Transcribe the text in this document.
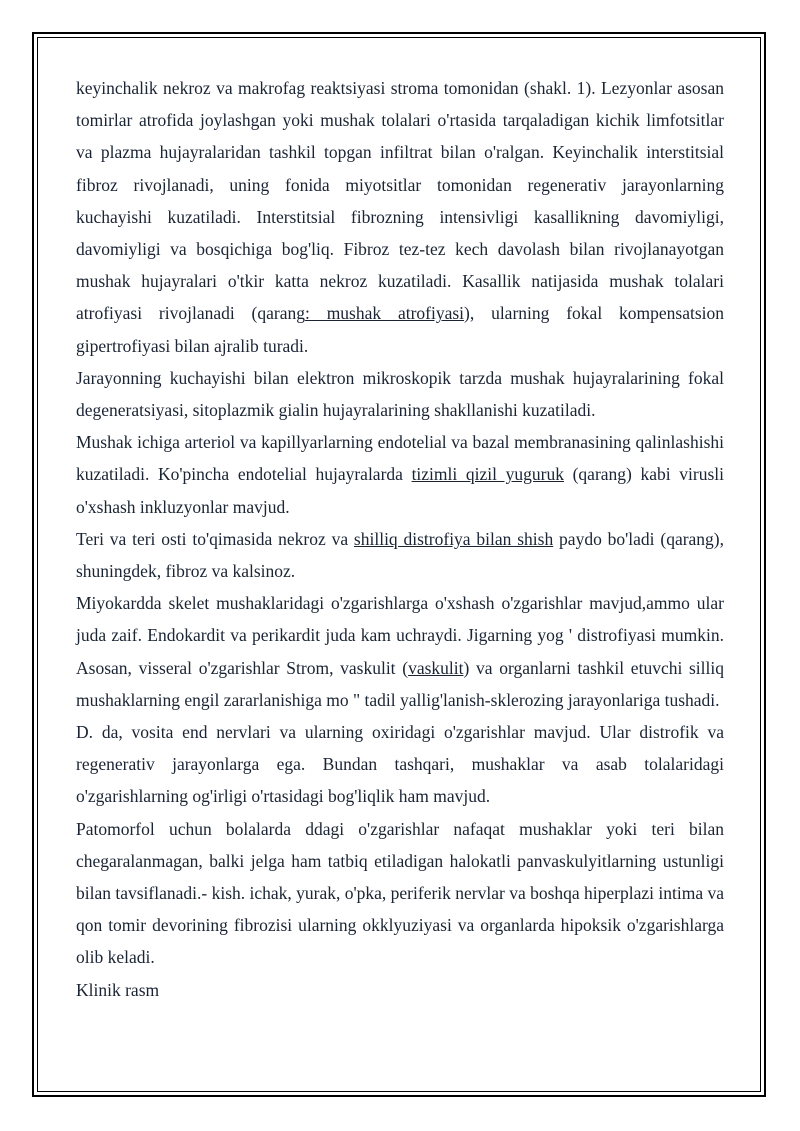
keyinchalik nekroz va makrofag reaktsiyasi stroma tomonidan (shakl. 1). Lezyonlar asosan tomirlar atrofida joylashgan yoki mushak tolalari o'rtasida tarqaladigan kichik limfotsitlar va plazma hujayralaridan tashkil topgan infiltrat bilan o'ralgan. Keyinchalik interstitsial fibroz rivojlanadi, uning fonida miyotsitlar tomonidan regenerativ jarayonlarning kuchayishi kuzatiladi. Interstitsial fibrozning intensivligi kasallikning davomiyligi, davomiyligi va bosqichiga bog'liq. Fibroz tez-tez kech davolash bilan rivojlanayotgan mushak hujayralari o'tkir katta nekroz kuzatiladi. Kasallik natijasida mushak tolalari atrofiyasi rivojlanadi (qarang: mushak atrofiyasi), ularning fokal kompensatsion gipertrofiyasi bilan ajralib turadi.

Jarayonning kuchayishi bilan elektron mikroskopik tarzda mushak hujayralarining fokal degeneratsiyasi, sitoplazmik gialin hujayralarining shakllanishi kuzatiladi.

Mushak ichiga arteriol va kapillyarlarning endotelial va bazal membranasining qalinlashishi kuzatiladi. Ko'pincha endotelial hujayralarda tizimli qizil yuguruk (qarang) kabi virusli o'xshash inkluzyonlar mavjud.

Teri va teri osti to'qimasida nekroz va shilliq distrofiya bilan shish paydo bo'ladi (qarang), shuningdek, fibroz va kalsinoz.

Miyokardda skelet mushaklaridagi o'zgarishlarga o'xshash o'zgarishlar mavjud,ammo ular juda zaif. Endokardit va perikardit juda kam uchraydi. Jigarning yog ' distrofiyasi mumkin. Asosan, visseral o'zgarishlar Strom, vaskulit (vaskulit) va organlarni tashkil etuvchi silliq mushaklarning engil zararlanishiga mo " tadil yallig'lanish-sklerozing jarayonlariga tushadi.

D. da, vosita end nervlari va ularning oxiridagi o'zgarishlar mavjud. Ular distrofik va regenerativ jarayonlarga ega. Bundan tashqari, mushaklar va asab tolalaridagi o'zgarishlarning og'irligi o'rtasidagi bog'liqlik ham mavjud.

Patomorfol uchun bolalarda ddagi o'zgarishlar nafaqat mushaklar yoki teri bilan chegaralanmagan, balki jelga ham tatbiq etiladigan halokatli panvaskulyitlarning ustunligi bilan tavsiflanadi.- kish. ichak, yurak, o'pka, periferik nervlar va boshqa hiperplazi intima va qon tomir devorining fibrozisi ularning okklyuziyasi va organlarda hipoksik o'zgarishlarga olib keladi.

Klinik rasm
